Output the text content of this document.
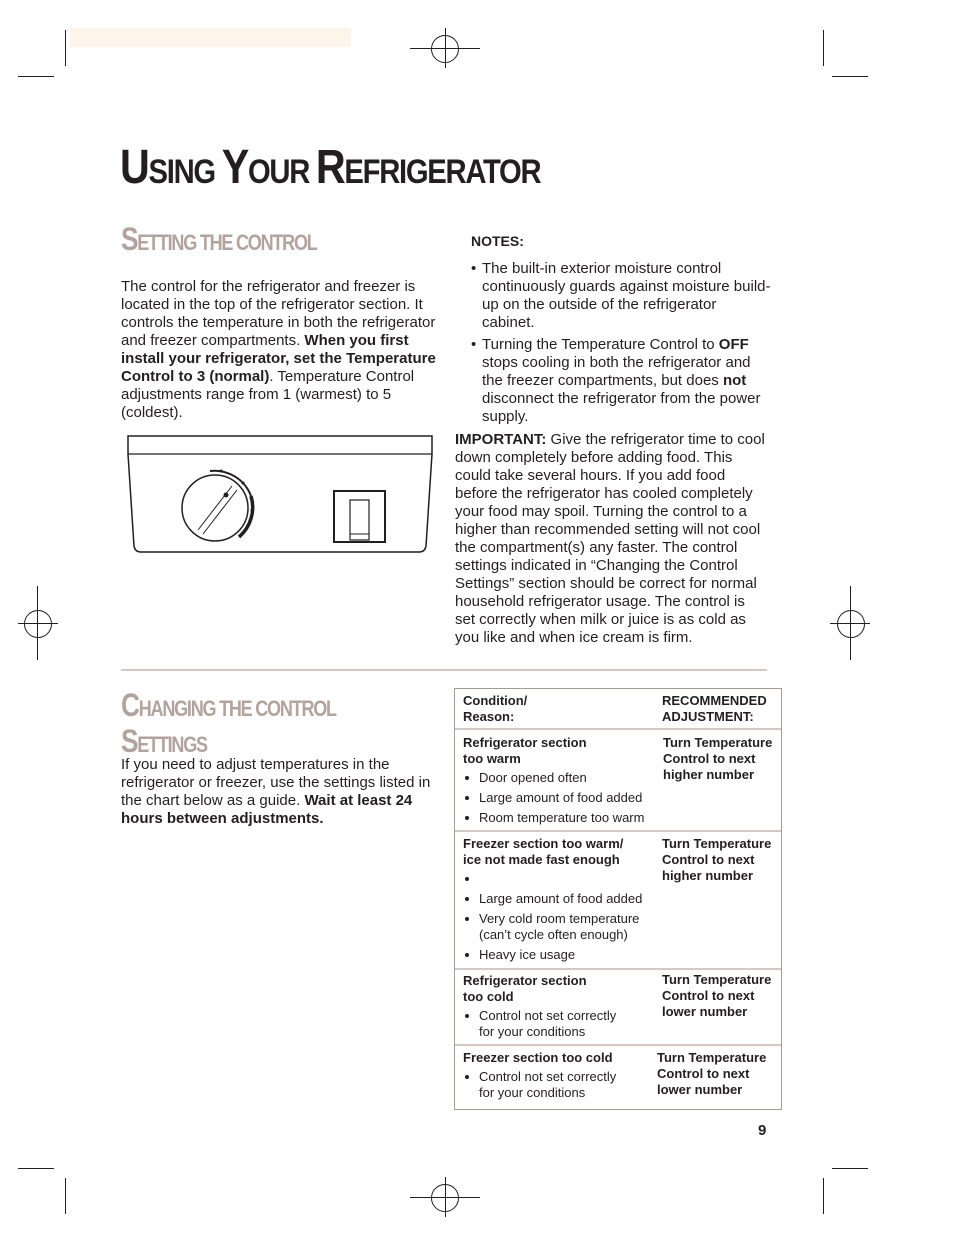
USING YOUR REFRIGERATOR
SETTING THE CONTROL
The control for the refrigerator and freezer is located in the top of the refrigerator section. It controls the temperature in both the refrigerator and freezer compartments. When you first install your refrigerator, set the Temperature Control to 3 (normal). Temperature Control adjustments range from 1 (warmest) to 5 (coldest).
NOTES:
• The built-in exterior moisture control continuously guards against moisture build-up on the outside of the refrigerator cabinet.
• Turning the Temperature Control to OFF stops cooling in both the refrigerator and the freezer compartments, but does not disconnect the refrigerator from the power supply.
IMPORTANT: Give the refrigerator time to cool down completely before adding food. This could take several hours. If you add food before the refrigerator has cooled completely your food may spoil. Turning the control to a higher than recommended setting will not cool the compartment(s) any faster. The control settings indicated in “Changing the Control Settings” section should be correct for normal household refrigerator usage. The control is set correctly when milk or juice is as cold as you like and when ice cream is firm.
CHANGING THE CONTROL
SETTINGS
If you need to adjust temperatures in the refrigerator or freezer, use the settings listed in the chart below as a guide. Wait at least 24 hours between adjustments.
Condition/
Reason:
RECOMMENDED
ADJUSTMENT:
Refrigerator section
too warm
Door opened often
Large amount of food added
Room temperature too warm
Turn Temperature
Control to next
higher number
Freezer section too warm/
ice not made fast enough
Large amount of food added
Very cold room temperature
(can’t cycle often enough)
Heavy ice usage
Turn Temperature
Control to next
higher number
Refrigerator section
too cold
Control not set correctly
for your conditions
Turn Temperature
Control to next
lower number
Freezer section too cold
Control not set correctly
for your conditions
Turn Temperature
Control to next
lower number
9
